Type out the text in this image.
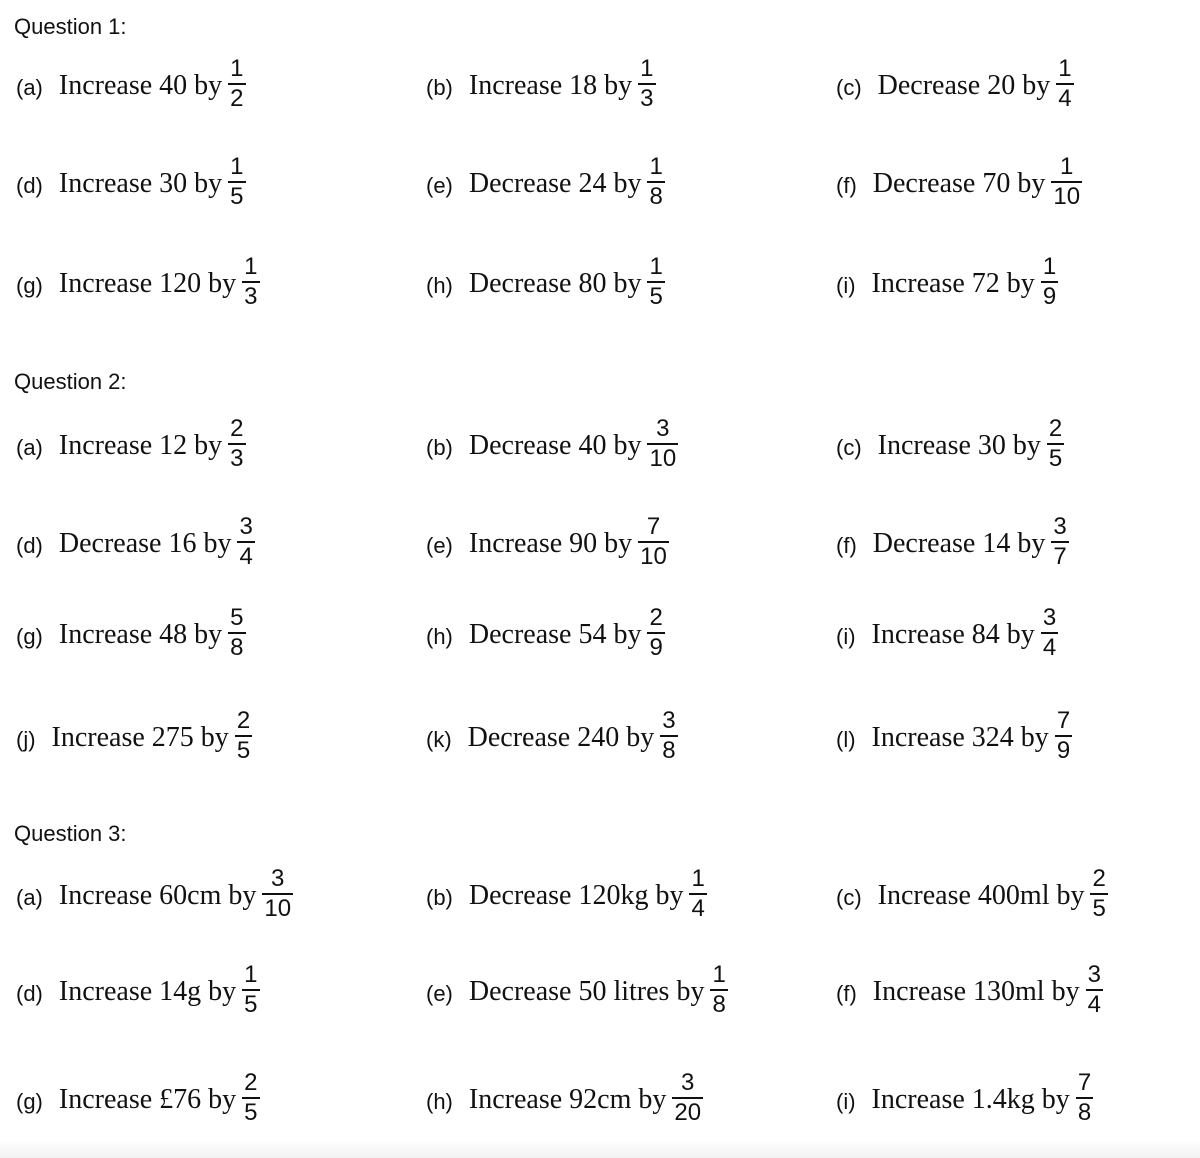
Question 1:
(a) Increase 40 by $\frac{1}{2}$	(b) Increase 18 by $\frac{1}{3}$	(c) Decrease 20 by $\frac{1}{4}$
(d) Increase 30 by $\frac{1}{5}$	(e) Decrease 24 by $\frac{1}{8}$	(f) Decrease 70 by $\frac{1}{10}$
(g) Increase 120 by $\frac{1}{3}$	(h) Decrease 80 by $\frac{1}{5}$	(i) Increase 72 by $\frac{1}{9}$
Question 2:
(a) Increase 12 by $\frac{2}{3}$	(b) Decrease 40 by $\frac{3}{10}$	(c) Increase 30 by $\frac{2}{5}$
(d) Decrease 16 by $\frac{3}{4}$	(e) Increase 90 by $\frac{7}{10}$	(f) Decrease 14 by $\frac{3}{7}$
(g) Increase 48 by $\frac{5}{8}$	(h) Decrease 54 by $\frac{2}{9}$	(i) Increase 84 by $\frac{3}{4}$
(j) Increase 275 by $\frac{2}{5}$	(k) Decrease 240 by $\frac{3}{8}$	(l) Increase 324 by $\frac{7}{9}$
Question 3:
(a) Increase 60cm by $\frac{3}{10}$	(b) Decrease 120kg by $\frac{1}{4}$	(c) Increase 400ml by $\frac{2}{5}$
(d) Increase 14g by $\frac{1}{5}$	(e) Decrease 50 litres by $\frac{1}{8}$	(f) Increase 130ml by $\frac{3}{4}$
(g) Increase £76 by $\frac{2}{5}$	(h) Increase 92cm by $\frac{3}{20}$	(i) Increase 1.4kg by $\frac{7}{8}$
